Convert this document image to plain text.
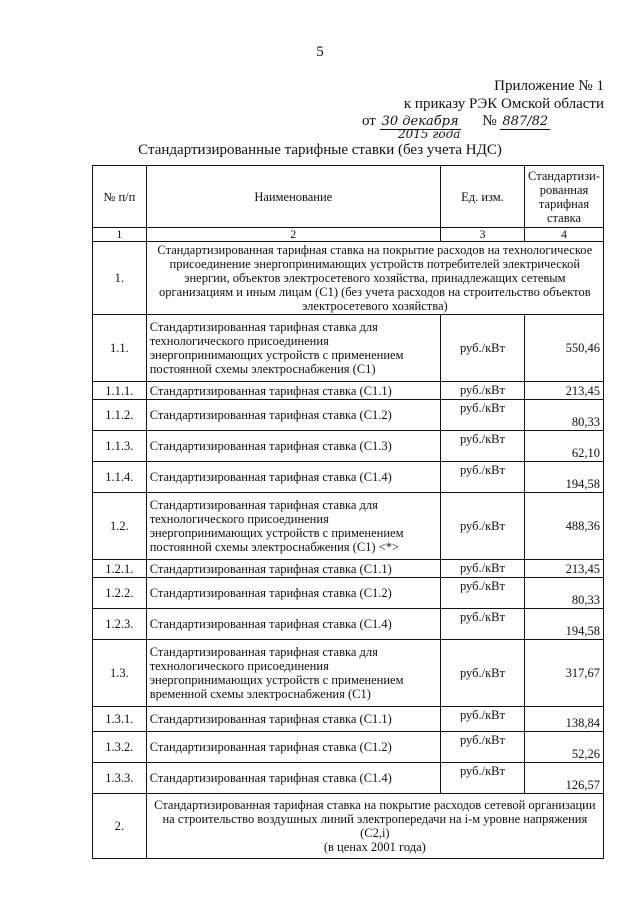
5
Приложение № 1
к приказу РЭК Омской области
от 30 декабря № 887/82
2015 года
Стандартизированные тарифные ставки (без учета НДС)
№ п/п	Наименование	Ед. изм.	Стандартизи-рованная тарифная ставка
1	2	3	4
1.	Стандартизированная тарифная ставка на покрытие расходов на технологическое присоединение энергопринимающих устройств потребителей электрической энергии, объектов электросетевого хозяйства, принадлежащих сетевым организациям и иным лицам (С1) (без учета расходов на строительство объектов электросетевого хозяйства)		
1.1.	Стандартизированная тарифная ставка для технологического присоединения энергопринимающих устройств с применением постоянной схемы электроснабжения (С1)	руб./кВт	550,46
1.1.1.	Стандартизированная тарифная ставка (С1.1)	руб./кВт	213,45
1.1.2.	Стандартизированная тарифная ставка (С1.2)	руб./кВт	80,33
1.1.3.	Стандартизированная тарифная ставка (С1.3)	руб./кВт	62,10
1.1.4.	Стандартизированная тарифная ставка (С1.4)	руб./кВт	194,58
1.2.	Стандартизированная тарифная ставка для технологического присоединения энергопринимающих устройств с применением постоянной схемы электроснабжения (С1) <*>	руб./кВт	488,36
1.2.1.	Стандартизированная тарифная ставка (С1.1)	руб./кВт	213,45
1.2.2.	Стандартизированная тарифная ставка (С1.2)	руб./кВт	80,33
1.2.3.	Стандартизированная тарифная ставка (С1.4)	руб./кВт	194,58
1.3.	Стандартизированная тарифная ставка для технологического присоединения энергопринимающих устройств с применением временной схемы электроснабжения (С1)	руб./кВт	317,67
1.3.1.	Стандартизированная тарифная ставка (С1.1)	руб./кВт	138,84
1.3.2.	Стандартизированная тарифная ставка (С1.2)	руб./кВт	52,26
1.3.3.	Стандартизированная тарифная ставка (С1.4)	руб./кВт	126,57
2.	Стандартизированная тарифная ставка на покрытие расходов сетевой организации на строительство воздушных линий электропередачи на i-м уровне напряжения (С2,i)
(в ценах 2001 года)		
